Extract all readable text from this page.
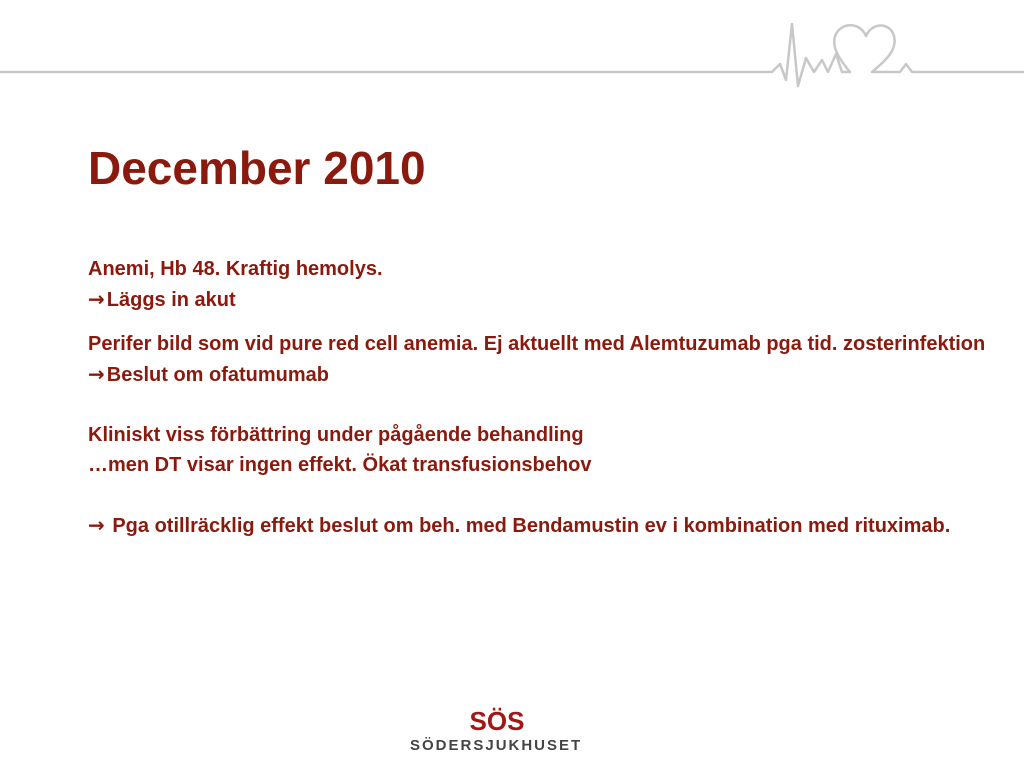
December 2010
Anemi, Hb 48. Kraftig hemolys.
→ Läggs in akut
Perifer bild som vid pure red cell anemia. Ej aktuellt med Alemtuzumab pga tid. zosterinfektion
→ Beslut om ofatumumab
Kliniskt viss förbättring under pågående behandling
…men DT visar ingen effekt. Ökat transfusionsbehov
→ Pga otillräcklig effekt beslut om beh. med Bendamustin ev i kombination med rituximab.
SÖS
SÖDERSJUKHUSET
